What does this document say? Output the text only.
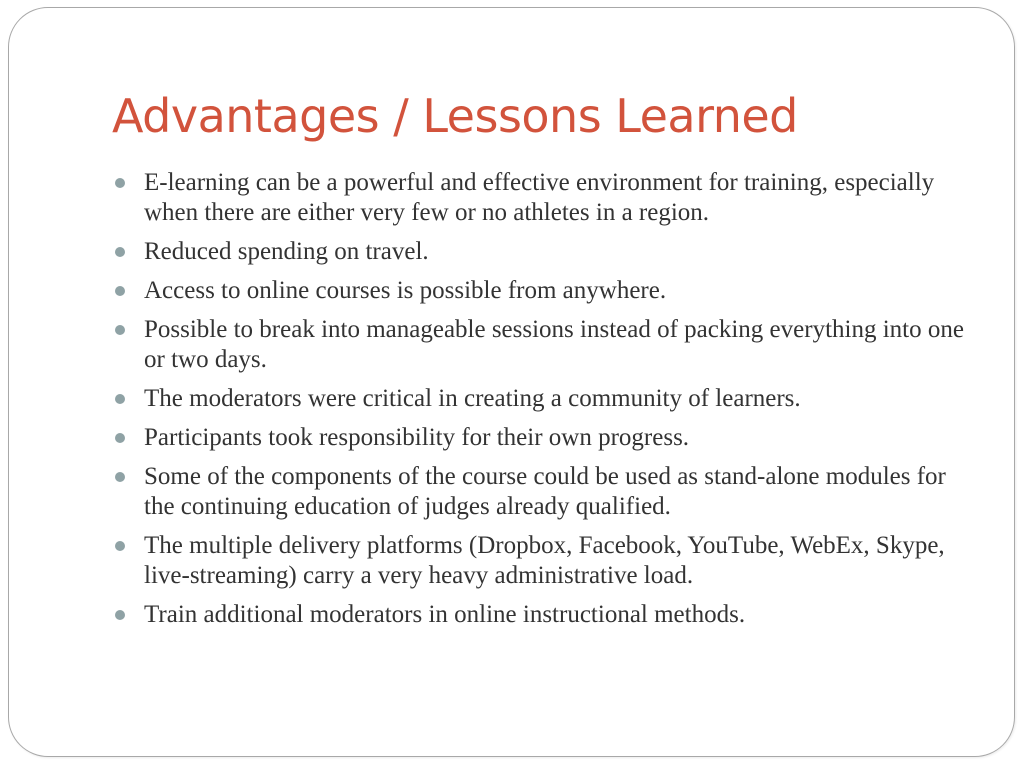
Advantages / Lessons Learned
E-learning can be a powerful and effective environment for training, especially when there are either very few or no athletes in a region.
Reduced spending on travel.
Access to online courses is possible from anywhere.
Possible to break into manageable sessions instead of packing everything into one or two days.
The moderators were critical in creating a community of learners.
Participants took responsibility for their own progress.
Some of the components of the course could be used as stand-alone modules for the continuing education of judges already qualified.
The multiple delivery platforms (Dropbox, Facebook, YouTube, WebEx, Skype, live-streaming) carry a very heavy administrative load.
Train additional moderators in online instructional methods.
